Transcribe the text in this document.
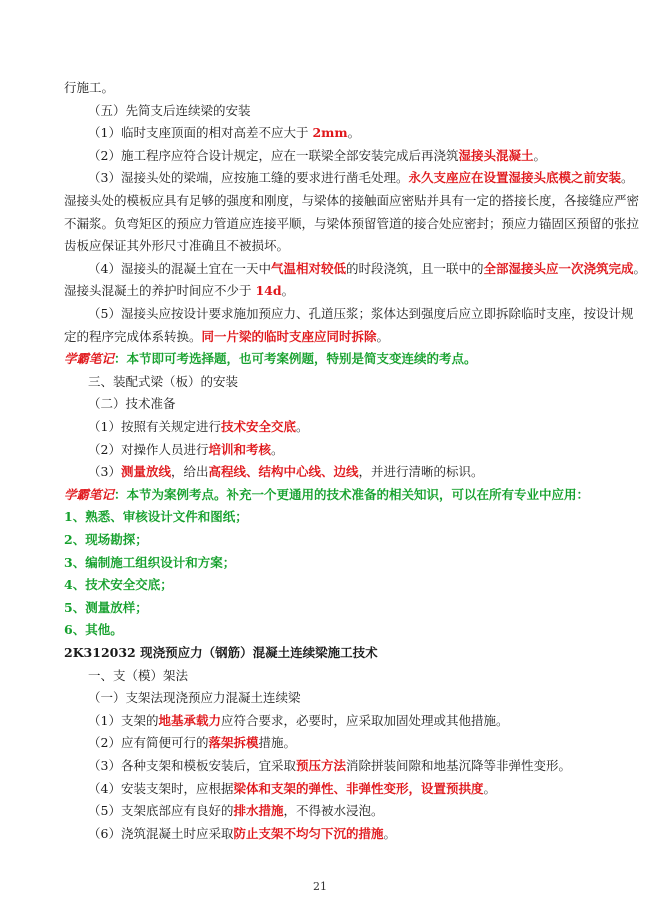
行施工。
（五）先简支后连续梁的安装
（1）临时支座顶面的相对高差不应大于 2mm。
（2）施工程序应符合设计规定，应在一联梁全部安装完成后再浇筑湿接头混凝土。
（3）湿接头处的梁端，应按施工缝的要求进行凿毛处理。永久支座应在设置湿接头底模之前安装。
湿接头处的模板应具有足够的强度和刚度，与梁体的接触面应密贴并具有一定的搭接长度，各接缝应严密
不漏浆。负弯矩区的预应力管道应连接平顺，与梁体预留管道的接合处应密封；预应力锚固区预留的张拉
齿板应保证其外形尺寸准确且不被损坏。
（4）湿接头的混凝土宜在一天中气温相对较低的时段浇筑，且一联中的全部湿接头应一次浇筑完成。
湿接头混凝土的养护时间应不少于 14d。
（5）湿接头应按设计要求施加预应力、孔道压浆；浆体达到强度后应立即拆除临时支座，按设计规
定的程序完成体系转换。同一片梁的临时支座应同时拆除。
学霸笔记：本节即可考选择题，也可考案例题，特别是简支变连续的考点。
三、装配式梁（板）的安装
（二）技术准备
（1）按照有关规定进行技术安全交底。
（2）对操作人员进行培训和考核。
（3）测量放线，给出高程线、结构中心线、边线，并进行清晰的标识。
学霸笔记：本节为案例考点。补充一个更通用的技术准备的相关知识，可以在所有专业中应用：
1、熟悉、审核设计文件和图纸；
2、现场勘探；
3、编制施工组织设计和方案；
4、技术安全交底；
5、测量放样；
6、其他。
2K312032 现浇预应力（钢筋）混凝土连续梁施工技术
一、支（模）架法
（一）支架法现浇预应力混凝土连续梁
（1）支架的地基承载力应符合要求，必要时，应采取加固处理或其他措施。
（2）应有简便可行的落架拆模措施。
（3）各种支架和模板安装后，宜采取预压方法消除拼装间隙和地基沉降等非弹性变形。
（4）安装支架时，应根据梁体和支架的弹性、非弹性变形，设置预拱度。
（5）支架底部应有良好的排水措施，不得被水浸泡。
（6）浇筑混凝土时应采取防止支架不均匀下沉的措施。
21
